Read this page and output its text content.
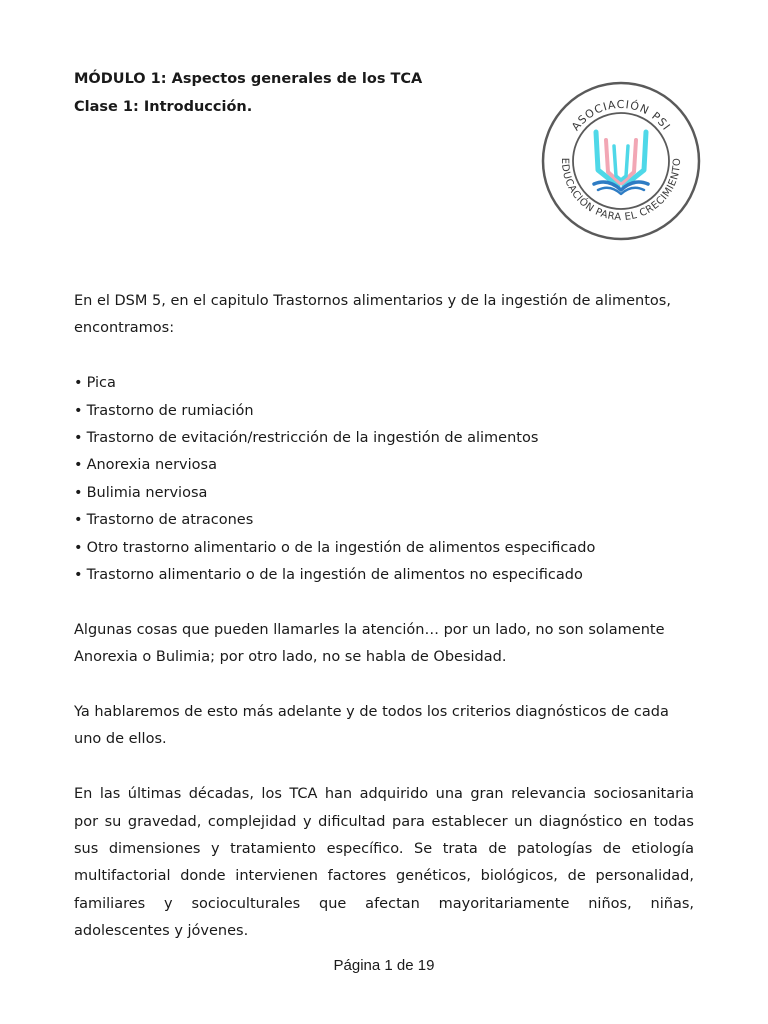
MÓDULO 1: Aspectos generales de los TCA

Clase 1: Introducción.

ASOCIACIÓN PSI
EDUCACIÓN PARA EL CRECIMIENTO

En el DSM 5, en el capitulo Trastornos alimentarios y de la ingestión de alimentos,
encontramos:

• Pica
• Trastorno de rumiación
• Trastorno de evitación/restricción de la ingestión de alimentos
• Anorexia nerviosa
• Bulimia nerviosa
• Trastorno de atracones
• Otro trastorno alimentario o de la ingestión de alimentos especificado
• Trastorno alimentario o de la ingestión de alimentos no especificado

Algunas cosas que pueden llamarles la atención… por un lado, no son solamente
Anorexia o Bulimia; por otro lado, no se habla de Obesidad.

Ya hablaremos de esto más adelante y de todos los criterios diagnósticos de cada
uno de ellos.

En las últimas décadas, los TCA han adquirido una gran relevancia sociosanitaria

por su gravedad, complejidad y dificultad para establecer un diagnóstico en todas

sus dimensiones y tratamiento específico. Se trata de patologías de etiología

multifactorial donde intervienen factores genéticos, biológicos, de personalidad,

familiares y socioculturales que afectan mayoritariamente niños, niñas,

adolescentes y jóvenes.

Página 1 de 19
